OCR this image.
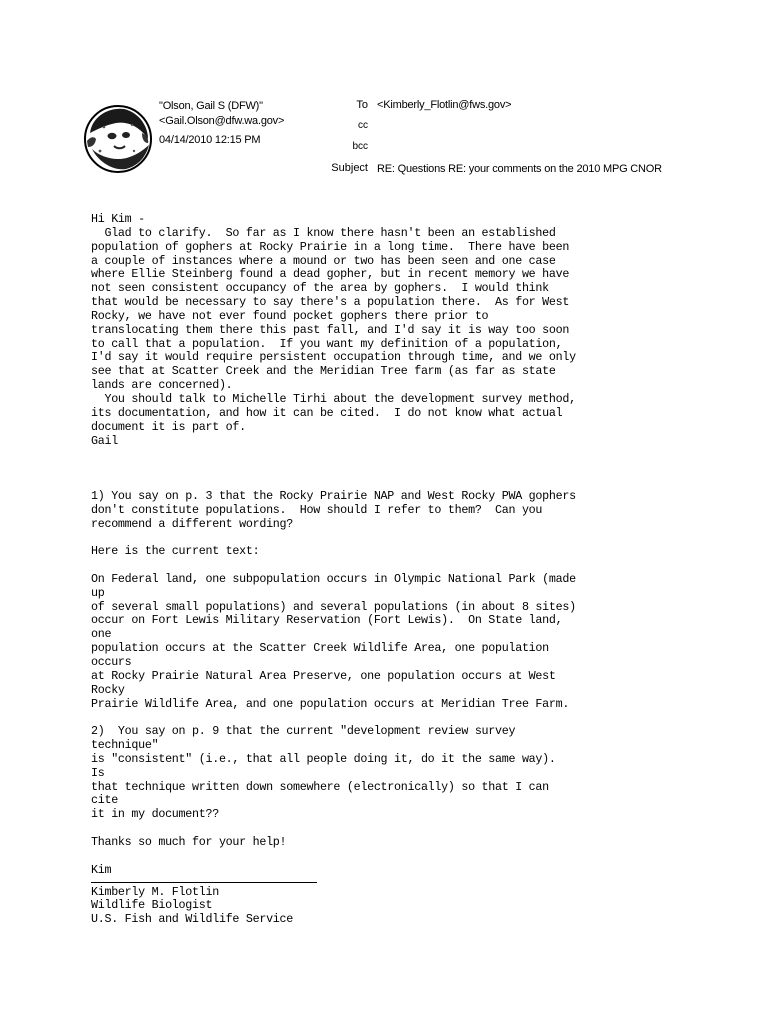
"Olson, Gail S (DFW)"
<Gail.Olson@dfw.wa.gov>
04/14/2010 12:15 PM
To <Kimberly_Flotlin@fws.gov>
cc
bcc
Subject RE: Questions RE: your comments on the 2010 MPG CNOR
Hi Kim -
Glad to clarify.  So far as I know there hasn't been an established
population of gophers at Rocky Prairie in a long time.  There have been
a couple of instances where a mound or two has been seen and one case
where Ellie Steinberg found a dead gopher, but in recent memory we have
not seen consistent occupancy of the area by gophers.  I would think
that would be necessary to say there's a population there.  As for West
Rocky, we have not ever found pocket gophers there prior to
translocating them there this past fall, and I'd say it is way too soon
to call that a population.  If you want my definition of a population,
I'd say it would require persistent occupation through time, and we only
see that at Scatter Creek and the Meridian Tree farm (as far as state
lands are concerned).
You should talk to Michelle Tirhi about the development survey method,
its documentation, and how it can be cited.  I do not know what actual
document it is part of.
Gail
1) You say on p. 3 that the Rocky Prairie NAP and West Rocky PWA gophers
don't constitute populations.  How should I refer to them?  Can you
recommend a different wording?
Here is the current text:
On Federal land, one subpopulation occurs in Olympic National Park (made
up
of several small populations) and several populations (in about 8 sites)
occur on Fort Lewis Military Reservation (Fort Lewis).  On State land,
one
population occurs at the Scatter Creek Wildlife Area, one population
occurs
at Rocky Prairie Natural Area Preserve, one population occurs at West
Rocky
Prairie Wildlife Area, and one population occurs at Meridian Tree Farm.
2)  You say on p. 9 that the current "development review survey
technique"
is "consistent" (i.e., that all people doing it, do it the same way).
Is
that technique written down somewhere (electronically) so that I can
cite
it in my document??
Thanks so much for your help!
Kim
Kimberly M. Flotlin
Wildlife Biologist
U.S. Fish and Wildlife Service
